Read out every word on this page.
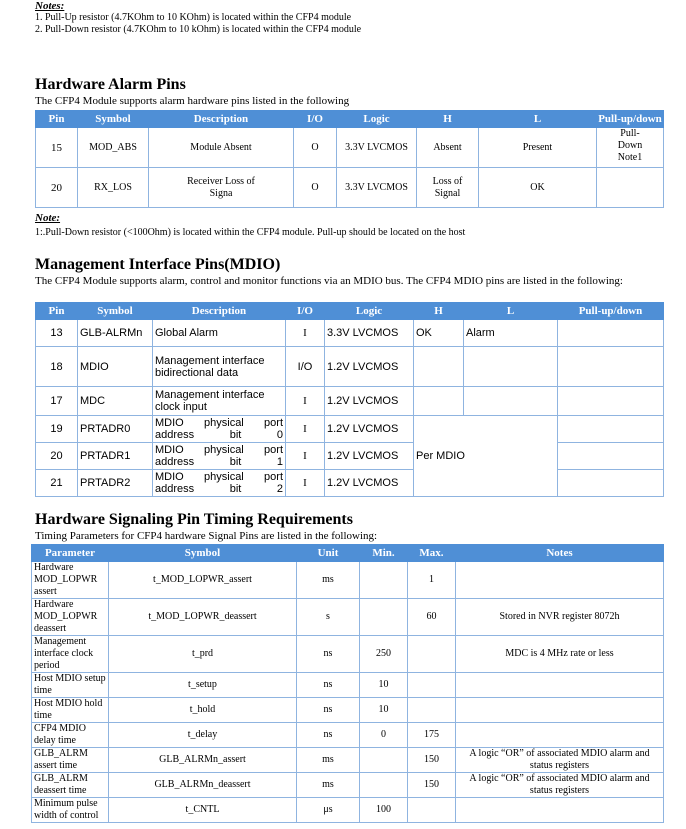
Notes:
1. Pull-Up resistor (4.7KOhm to 10 KOhm) is located within the CFP4 module
2. Pull-Down resistor (4.7KOhm to 10 kOhm) is located within the CFP4 module
Hardware Alarm Pins
The CFP4 Module supports alarm hardware pins listed in the following
Pin	Symbol	Description	I/O	Logic	H	L	Pull-up/down
15	MOD_ABS	Module Absent	O	3.3V LVCMOS	Absent	Present	Pull-Down Note1
20	RX_LOS	Receiver Loss of Signa	O	3.3V LVCMOS	Loss of Signal	OK	
Note:
1:.Pull-Down resistor (<100Ohm) is located within the CFP4 module. Pull-up should be located on the host
Management Interface Pins(MDIO)
The CFP4 Module supports alarm, control and monitor functions via an MDIO bus. The CFP4 MDIO pins are listed in the following:
Pin	Symbol	Description	I/O	Logic	H	L	Pull-up/down
13	GLB-ALRMn	Global Alarm	I	3.3V LVCMOS	OK	Alarm	
18	MDIO	Management interface bidirectional data	I/O	1.2V LVCMOS			
17	MDC	Management interface clock input	I	1.2V LVCMOS			
19	PRTADR0	MDIO physical port address bit 0	I	1.2V LVCMOS	Per MDIO		
20	PRTADR1	MDIO physical port address bit 1	I	1.2V LVCMOS			
21	PRTADR2	MDIO physical port address bit 2	I	1.2V LVCMOS			
Hardware Signaling Pin Timing Requirements
Timing Parameters for CFP4 hardware Signal Pins are listed in the following:
Parameter	Symbol	Unit	Min.	Max.	Notes
Hardware MOD_LOPWR assert	t_MOD_LOPWR_assert	ms		1	
Hardware MOD_LOPWR deassert	t_MOD_LOPWR_deassert	s		60	Stored in NVR register 8072h
Management interface clock period	t_prd	ns	250		MDC is 4 MHz rate or less
Host MDIO setup time	t_setup	ns	10		
Host MDIO hold time	t_hold	ns	10		
CFP4 MDIO delay time	t_delay	ns	0	175	
GLB_ALRM assert time	GLB_ALRMn_assert	ms		150	A logic “OR” of associated MDIO alarm and status registers
GLB_ALRM deassert time	GLB_ALRMn_deassert	ms		150	A logic “OR” of associated MDIO alarm and status registers
Minimum pulse width of control	t_CNTL	μs	100		
